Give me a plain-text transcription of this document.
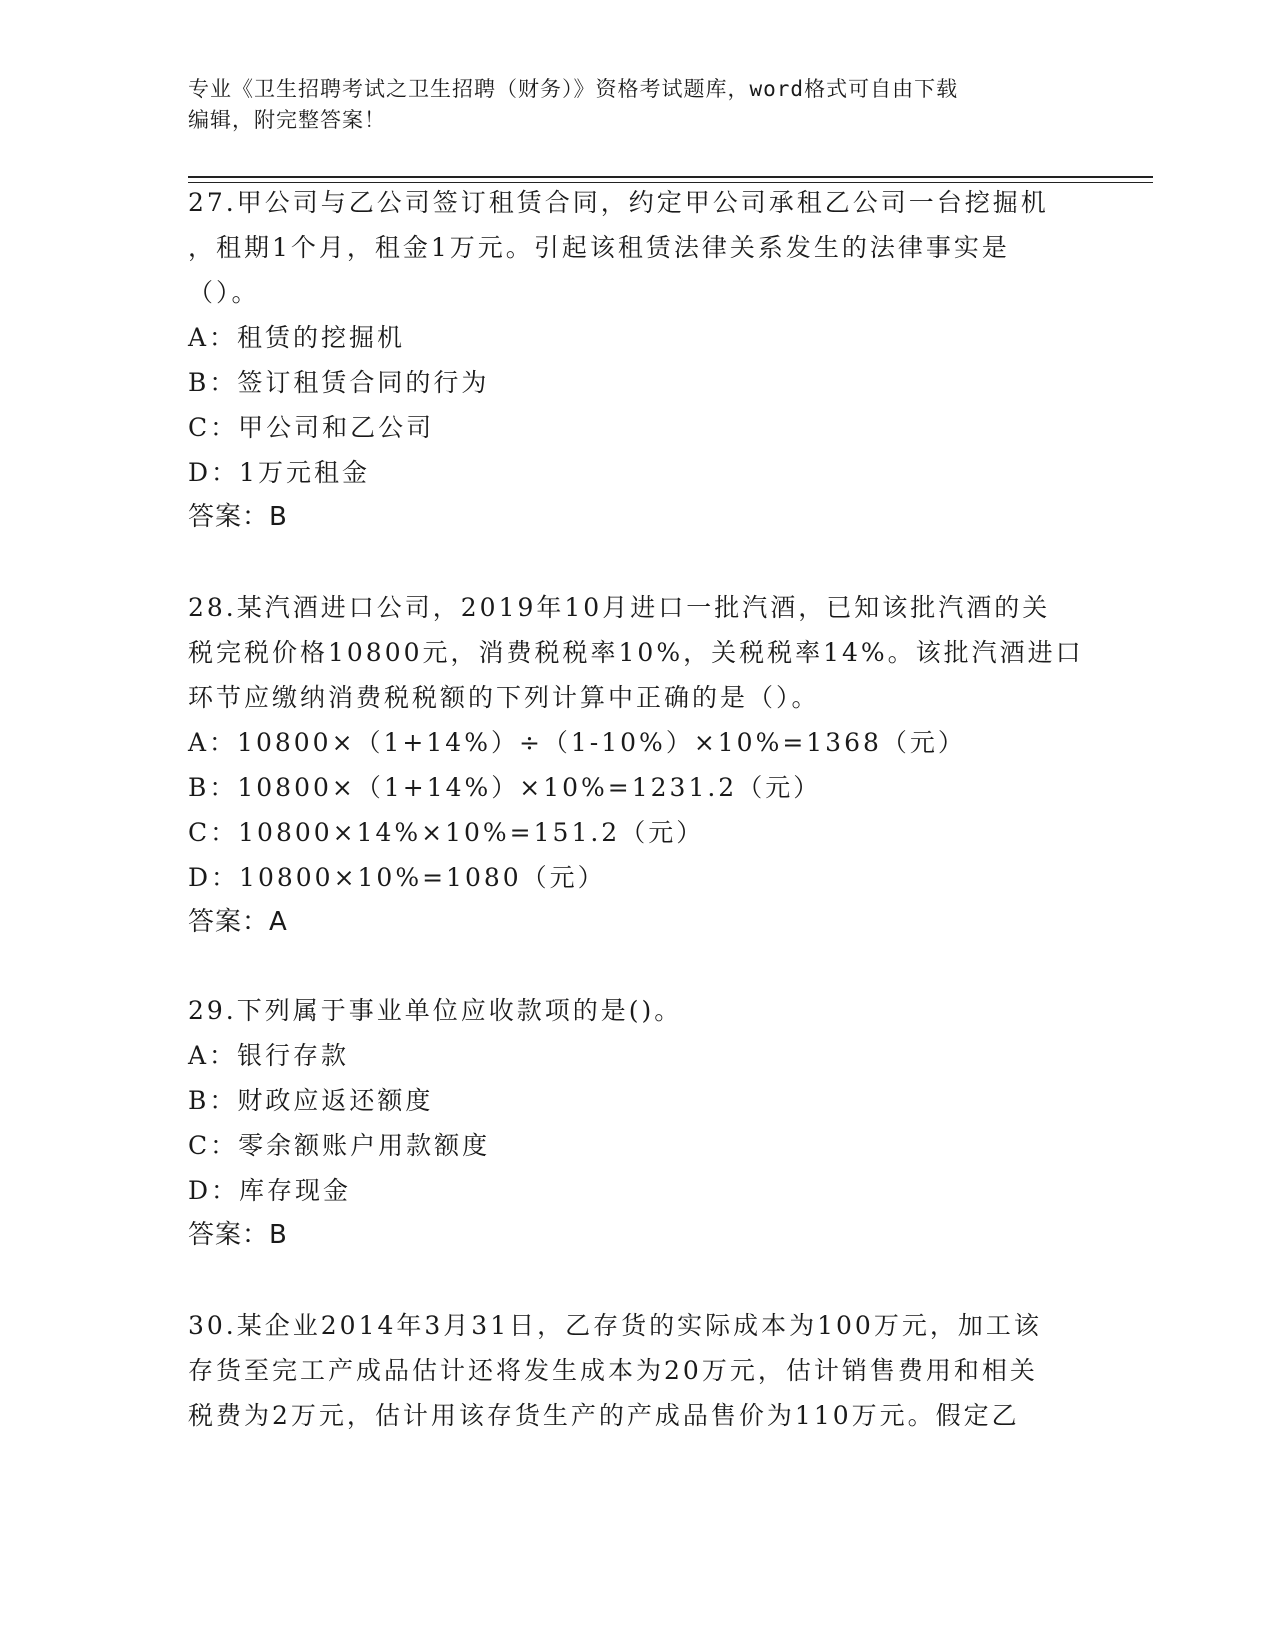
专业《卫生招聘考试之卫生招聘（财务）》资格考试题库，word格式可自由下载
编辑，附完整答案！
27.甲公司与乙公司签订租赁合同，约定甲公司承租乙公司一台挖掘机
，租期1个月，租金1万元。引起该租赁法律关系发生的法律事实是
（）。
A：租赁的挖掘机
B：签订租赁合同的行为
C：甲公司和乙公司
D：1万元租金
答案：B
28.某汽酒进口公司，2019年10月进口一批汽酒，已知该批汽酒的关
税完税价格10800元，消费税税率10%，关税税率14%。该批汽酒进口
环节应缴纳消费税税额的下列计算中正确的是（）。
A：10800×（1+14%）÷（1-10%）×10%=1368（元）
B：10800×（1+14%）×10%=1231.2（元）
C：10800×14%×10%=151.2（元）
D：10800×10%=1080（元）
答案：A
29.下列属于事业单位应收款项的是()。
A：银行存款
B：财政应返还额度
C：零余额账户用款额度
D：库存现金
答案：B
30.某企业2014年3月31日，乙存货的实际成本为100万元，加工该
存货至完工产成品估计还将发生成本为20万元，估计销售费用和相关
税费为2万元，估计用该存货生产的产成品售价为110万元。假定乙
